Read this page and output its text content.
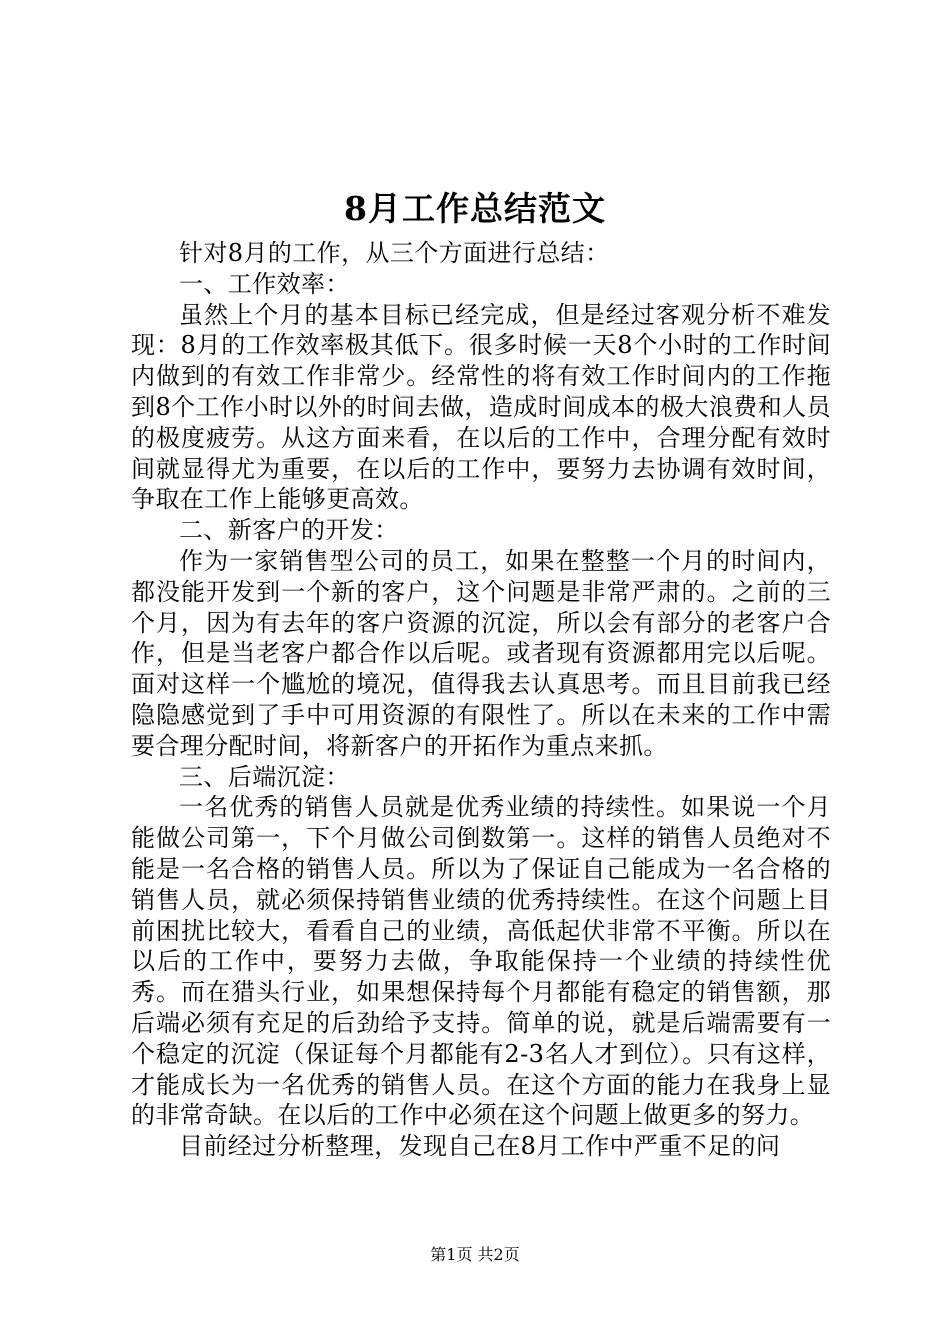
8月工作总结范文

针对8月的工作，从三个方面进行总结：

一、工作效率：

虽然上个月的基本目标已经完成，但是经过客观分析不难发现：8月的工作效率极其低下。很多时候一天8个小时的工作时间内做到的有效工作非常少。经常性的将有效工作时间内的工作拖到8个工作小时以外的时间去做，造成时间成本的极大浪费和人员的极度疲劳。从这方面来看，在以后的工作中，合理分配有效时间就显得尤为重要，在以后的工作中，要努力去协调有效时间，争取在工作上能够更高效。

二、新客户的开发：

作为一家销售型公司的员工，如果在整整一个月的时间内，都没能开发到一个新的客户，这个问题是非常严肃的。之前的三个月，因为有去年的客户资源的沉淀，所以会有部分的老客户合作，但是当老客户都合作以后呢。或者现有资源都用完以后呢。面对这样一个尴尬的境况，值得我去认真思考。而且目前我已经隐隐感觉到了手中可用资源的有限性了。所以在未来的工作中需要合理分配时间，将新客户的开拓作为重点来抓。

三、后端沉淀：

一名优秀的销售人员就是优秀业绩的持续性。如果说一个月能做公司第一，下个月做公司倒数第一。这样的销售人员绝对不能是一名合格的销售人员。所以为了保证自己能成为一名合格的销售人员，就必须保持销售业绩的优秀持续性。在这个问题上目前困扰比较大，看看自己的业绩，高低起伏非常不平衡。所以在以后的工作中，要努力去做，争取能保持一个业绩的持续性优秀。而在猎头行业，如果想保持每个月都能有稳定的销售额，那后端必须有充足的后劲给予支持。简单的说，就是后端需要有一个稳定的沉淀（保证每个月都能有2-3名人才到位）。只有这样，才能成长为一名优秀的销售人员。在这个方面的能力在我身上显的非常奇缺。在以后的工作中必须在这个问题上做更多的努力。

目前经过分析整理，发现自己在8月工作中严重不足的问

第1页 共2页
